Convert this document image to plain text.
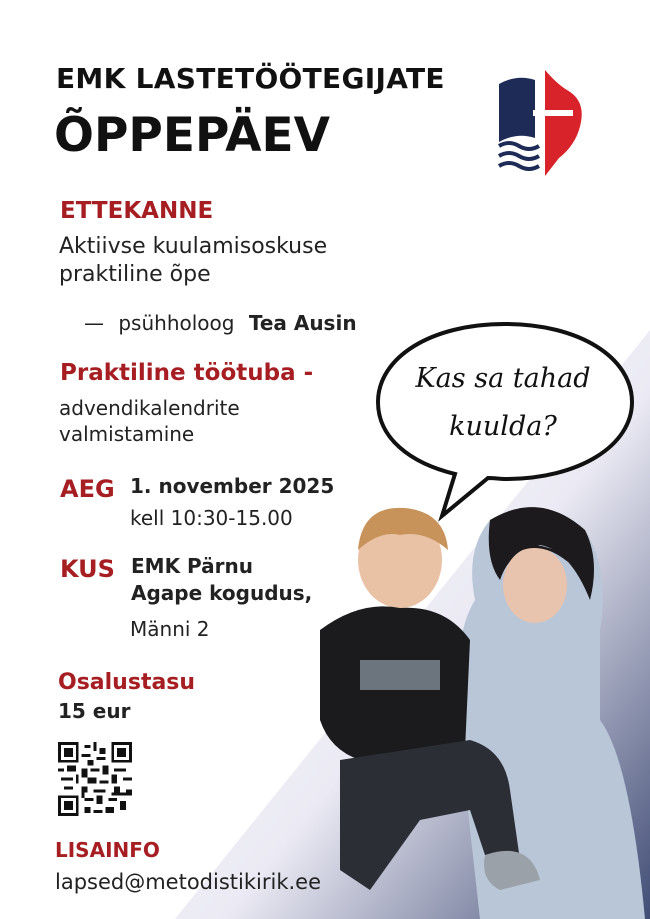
EMK LASTETÖÖTEGIJATE
ÕPPEPÄEV
ETTEKANNE
Aktiivse kuulamisoskuse
praktiline õpe
— psühholoog Tea Ausin
Praktiline töötuba -
advendikalendrite
valmistamine
AEG 1. november 2025
kell 10:30-15.00
KUS EMK Pärnu
Agape kogudus,
Männi 2
Osalustasu
15 eur
LISAINFO
lapsed@metodistikirik.ee
Kas sa tahad
kuulda?
